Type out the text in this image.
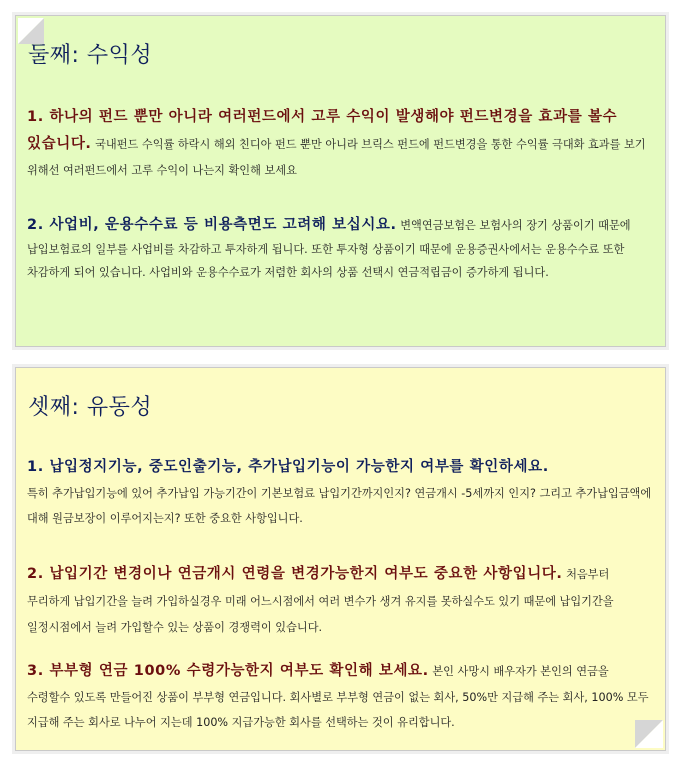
둘째: 수익성

1. 하나의 펀드 뿐만 아니라 여러펀드에서 고루 수익이 발생해야 펀드변경을 효과를 볼수 있습니다. 국내펀드 수익률 하락시 해외 친디아 펀드 뿐만 아니라 브릭스 펀드에 펀드변경을 통한 수익률 극대화 효과를 보기 위해선 여러펀드에서 고루 수익이 나는지 확인해 보세요

2. 사업비, 운용수수료 등 비용측면도 고려해 보십시요. 변액연금보험은 보험사의 장기 상품이기 때문에 납입보험료의 일부를 사업비를 차감하고 투자하게 됩니다. 또한 투자형 상품이기 때문에 운용증권사에서는 운용수수료 또한 차감하게 되어 있습니다. 사업비와 운용수수료가 저렴한 회사의 상품 선택시 연금적립금이 증가하게 됩니다.

셋째: 유동성

1. 납입정지기능, 중도인출기능, 추가납입기능이 가능한지 여부를 확인하세요.
특히 추가납입기능에 있어 추가납입 가능기간이 기본보험료 납입기간까지인지? 연금개시 -5세까지 인지? 그리고 추가납입금액에 대해 원금보장이 이루어지는지? 또한 중요한 사항입니다.

2. 납입기간 변경이나 연금개시 연령을 변경가능한지 여부도 중요한 사항입니다. 처음부터 무리하게 납입기간을 늘려 가입하실경우 미래 어느시점에서 여러 변수가 생겨 유지를 못하실수도 있기 때문에 납입기간을 일정시점에서 늘려 가입할수 있는 상품이 경쟁력이 있습니다.

3. 부부형 연금 100% 수령가능한지 여부도 확인해 보세요. 본인 사망시 배우자가 본인의 연금을 수령할수 있도록 만들어진 상품이 부부형 연금입니다. 회사별로 부부형 연금이 없는 회사, 50%만 지급해 주는 회사, 100% 모두 지급해 주는 회사로 나누어 지는데 100% 지급가능한 회사를 선택하는 것이 유리합니다.
